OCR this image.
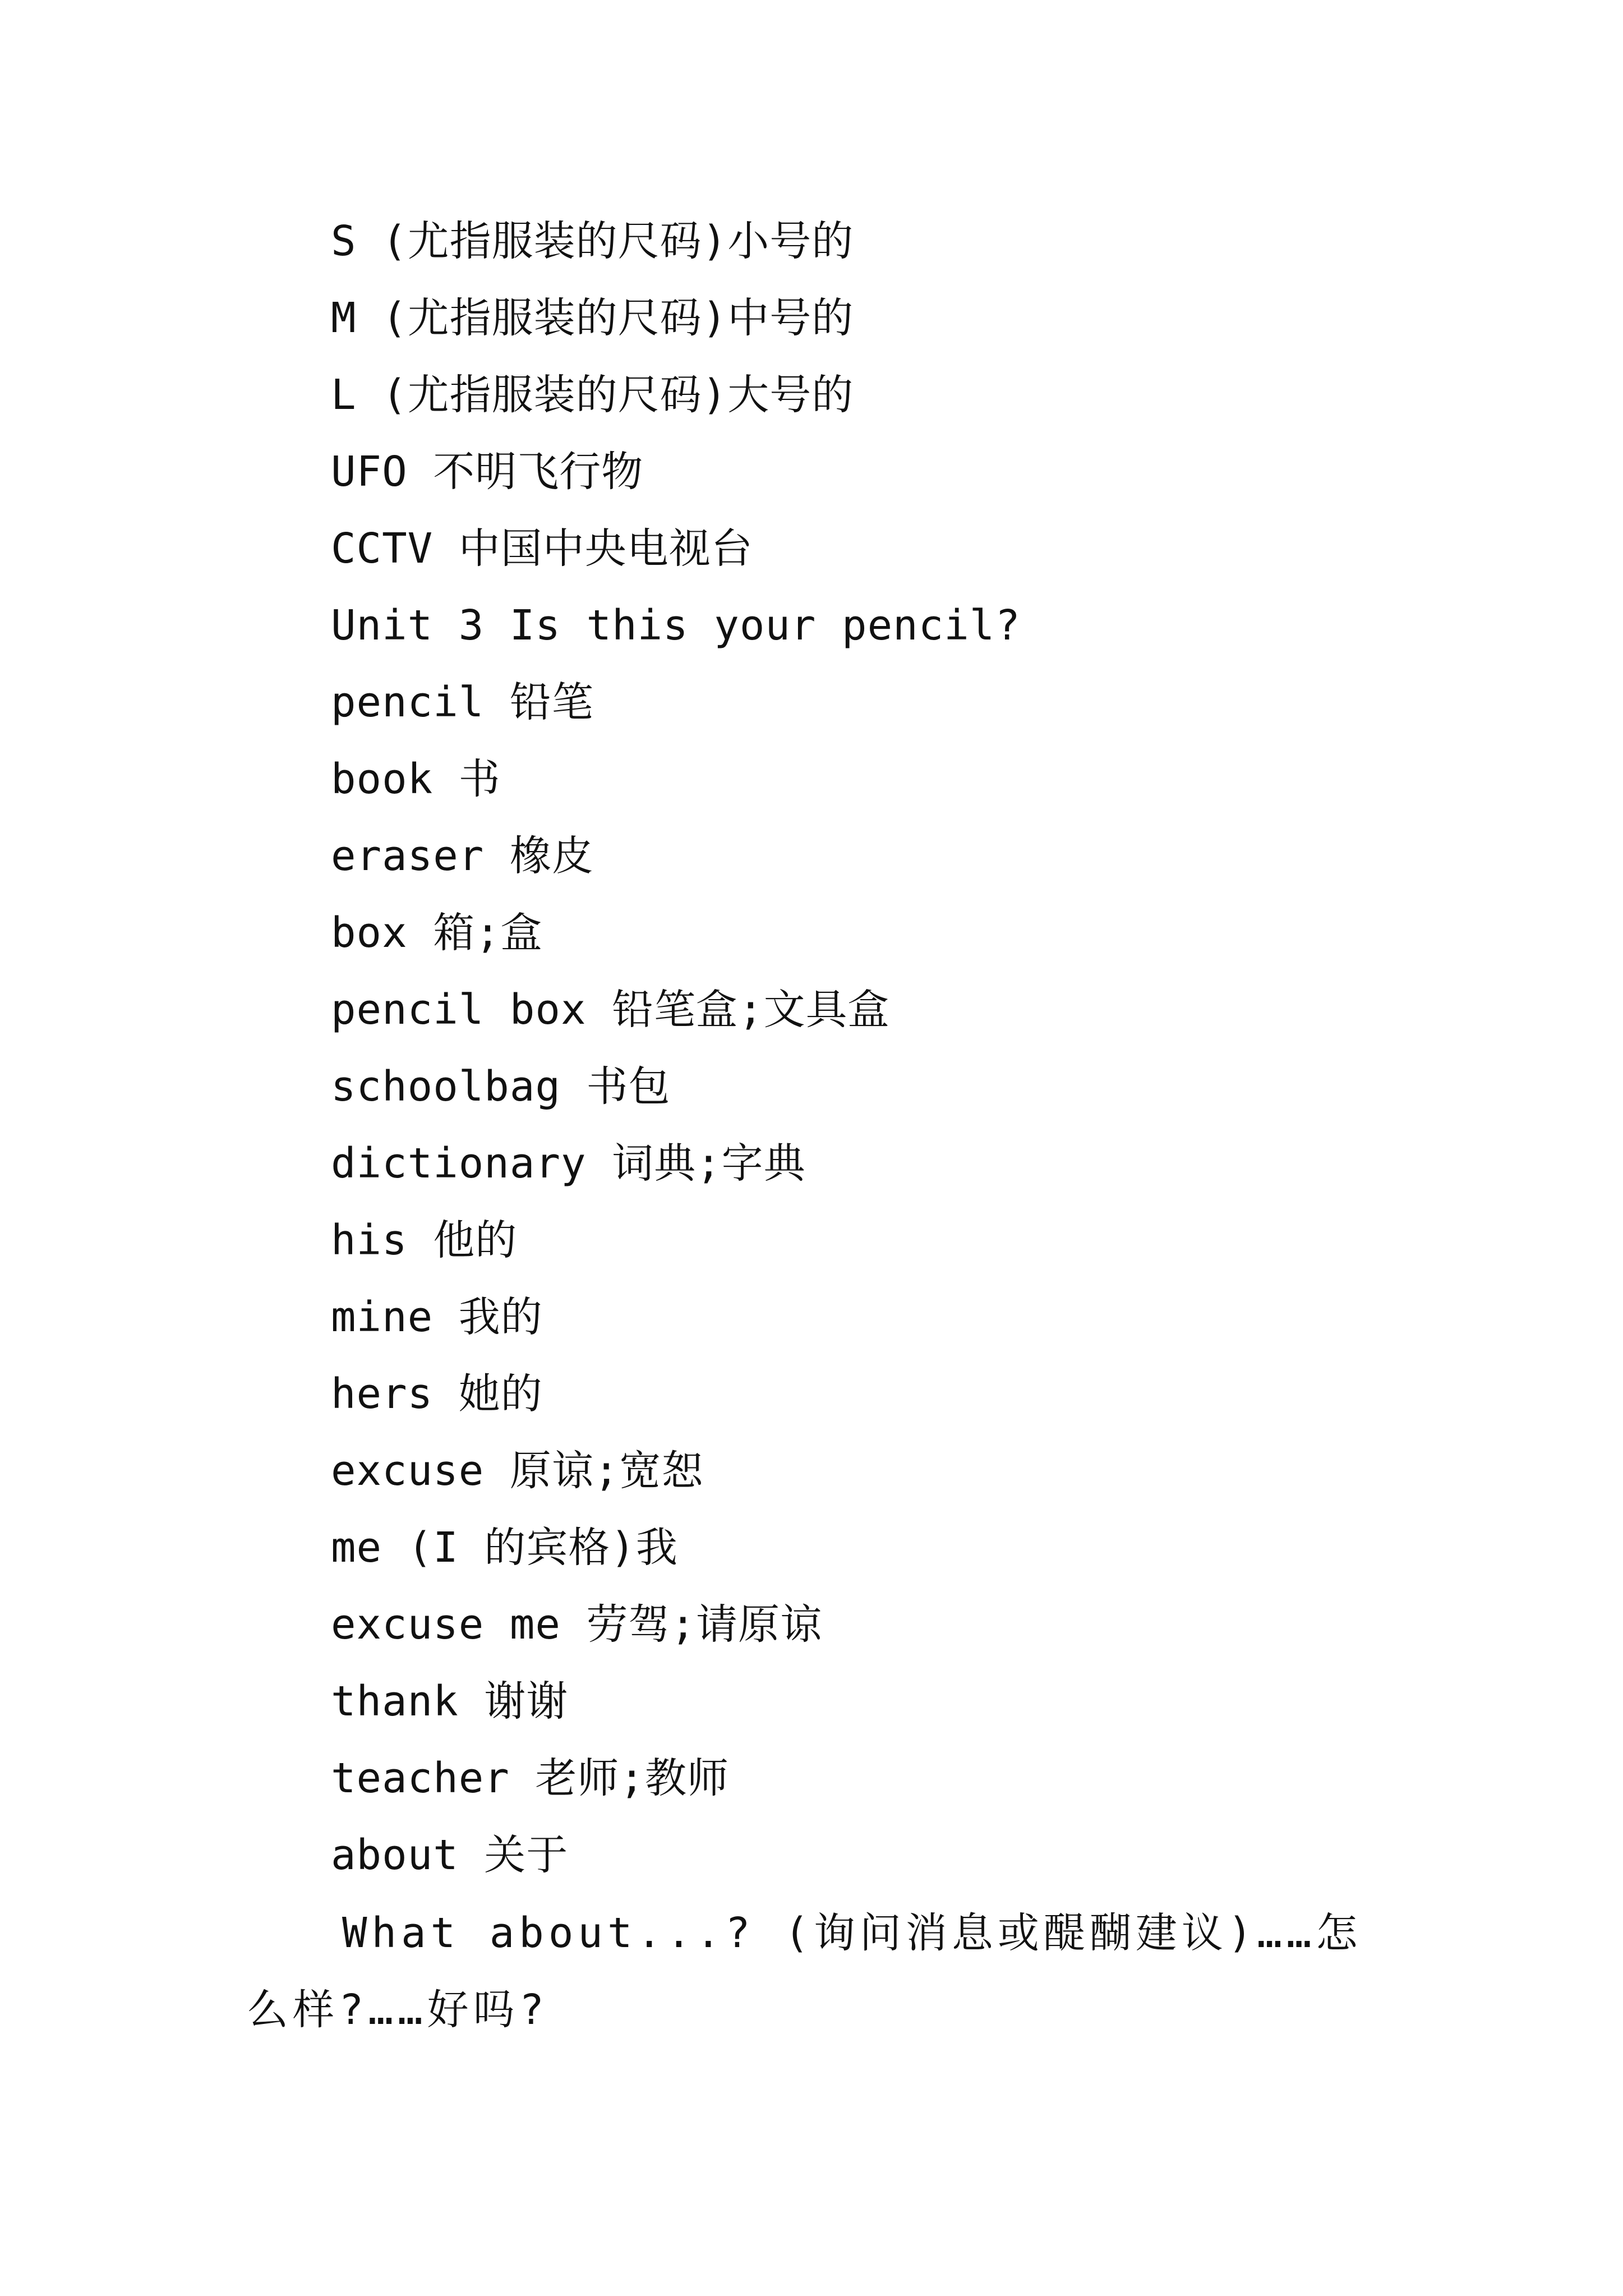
S (尤指服装的尺码)小号的
M (尤指服装的尺码)中号的
L (尤指服装的尺码)大号的
UFO 不明飞行物
CCTV 中国中央电视台
Unit 3 Is this your pencil?
pencil 铅笔
book 书
eraser 橡皮
box 箱;盒
pencil box 铅笔盒;文具盒
schoolbag 书包
dictionary 词典;字典
his 他的
mine 我的
hers 她的
excuse 原谅;宽恕
me (I 的宾格)我
excuse me 劳驾;请原谅
thank 谢谢
teacher 老师;教师
about 关于

What about...? (询问消息或醍醐建议)……怎么样?……好吗?
